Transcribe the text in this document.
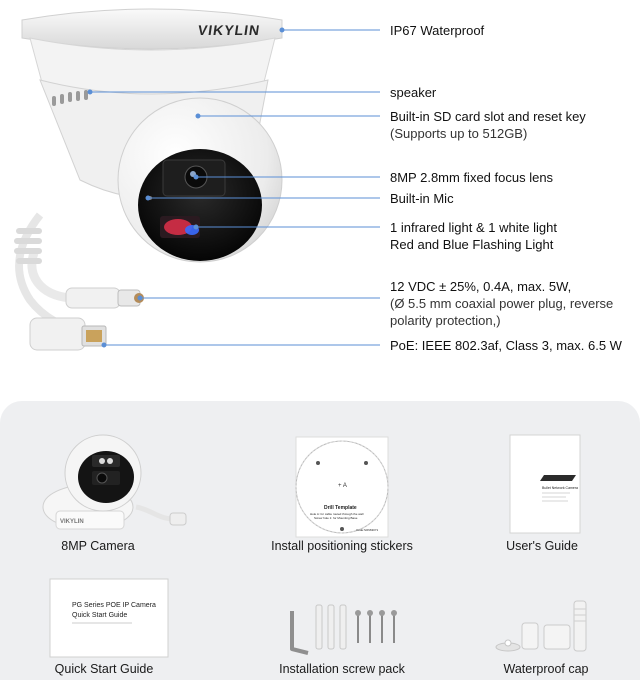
VIKYLIN	IP67 Waterproof
speaker
Built-in SD card slot and reset key
(Supports up to 512GB)
8MP 2.8mm fixed focus lens
Built-in Mic
1 infrared light & 1 white light
Red and Blue Flashing Light
12 VDC ± 25%, 0.4A, max. 5W,
(Ø 5.5 mm coaxial power plug, reverse
polarity protection,)
PoE: IEEE 802.3af, Class 3, max. 6.5 W
VIKYLIN
8MP Camera
+ A
Drill Template
Hole A: for cable routed through the wall
Screw hole 1: for Mounting Base
Code:S0N63071
Install positioning stickers
Bullet Network Camera
User's Guide
PG Series POE IP Camera
Quick Start Guide
Quick Start Guide	Installation screw pack	Waterproof cap
